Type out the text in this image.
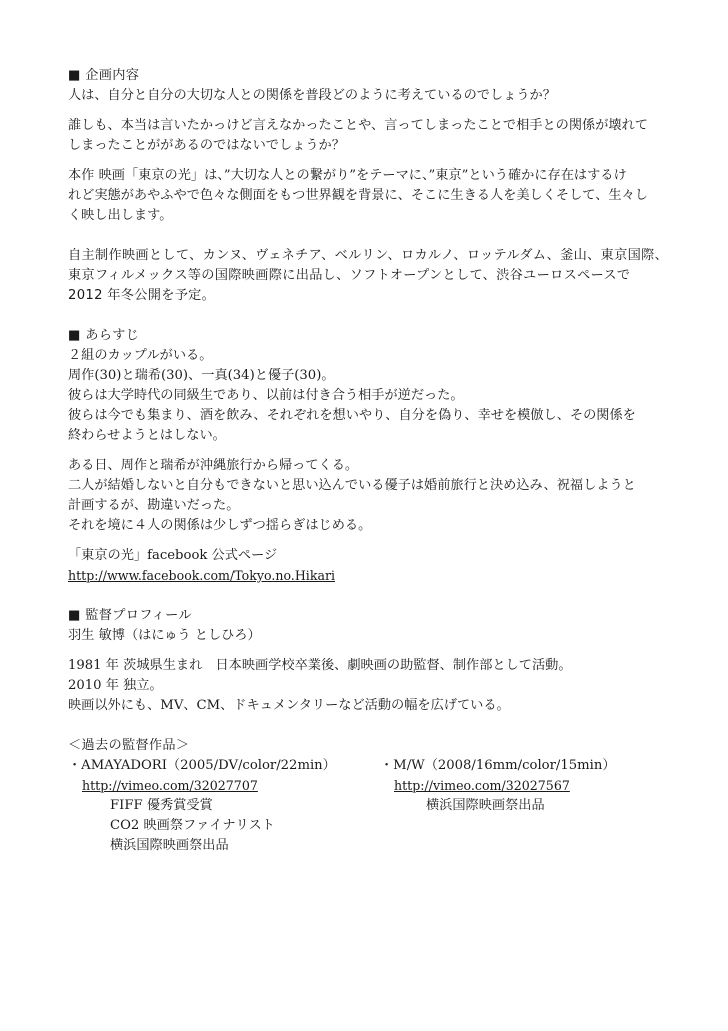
■ 企画内容
人は、自分と自分の大切な人との関係を普段どのように考えているのでしょうか？
誰しも、本当は言いたかっけど言えなかったことや、言ってしまったことで相手との関係が壊れて
しまったことががあるのではないでしょうか？
本作 映画「東京の光」は、”大切な人との繋がり”をテーマに、”東京”という確かに存在はするけ
れど実態があやふやで色々な側面をもつ世界観を背景に、そこに生きる人を美しくそして、生々し
く映し出します。
自主制作映画として、カンヌ、ヴェネチア、ベルリン、ロカルノ、ロッテルダム、釜山、東京国際、
東京フィルメックス等の国際映画際に出品し、ソフトオープンとして、渋谷ユーロスペースで
2012 年冬公開を予定。
■ あらすじ
２組のカップルがいる。
周作(30)と瑞希(30)、一真(34)と優子(30)。
彼らは大学時代の同級生であり、以前は付き合う相手が逆だった。
彼らは今でも集まり、酒を飲み、それぞれを想いやり、自分を偽り、幸せを模倣し、その関係を
終わらせようとはしない。
ある日、周作と瑞希が沖縄旅行から帰ってくる。
二人が結婚しないと自分もできないと思い込んでいる優子は婚前旅行と決め込み、祝福しようと
計画するが、勘違いだった。
それを境に４人の関係は少しずつ揺らぎはじめる。
「東京の光」facebook 公式ページ
http://www.facebook.com/Tokyo.no.Hikari
■ 監督プロフィール
羽生 敏博（はにゅう としひろ）
1981 年 茨城県生まれ　日本映画学校卒業後、劇映画の助監督、制作部として活動。
2010 年 独立。
映画以外にも、MV、CM、ドキュメンタリーなど活動の幅を広げている。
＜過去の監督作品＞
・AMAYADORI（2005/DV/color/22min）
http://vimeo.com/32027707
FIFF 優秀賞受賞
CO2 映画祭ファイナリスト
横浜国際映画祭出品
・M/W（2008/16mm/color/15min）
http://vimeo.com/32027567
横浜国際映画祭出品
